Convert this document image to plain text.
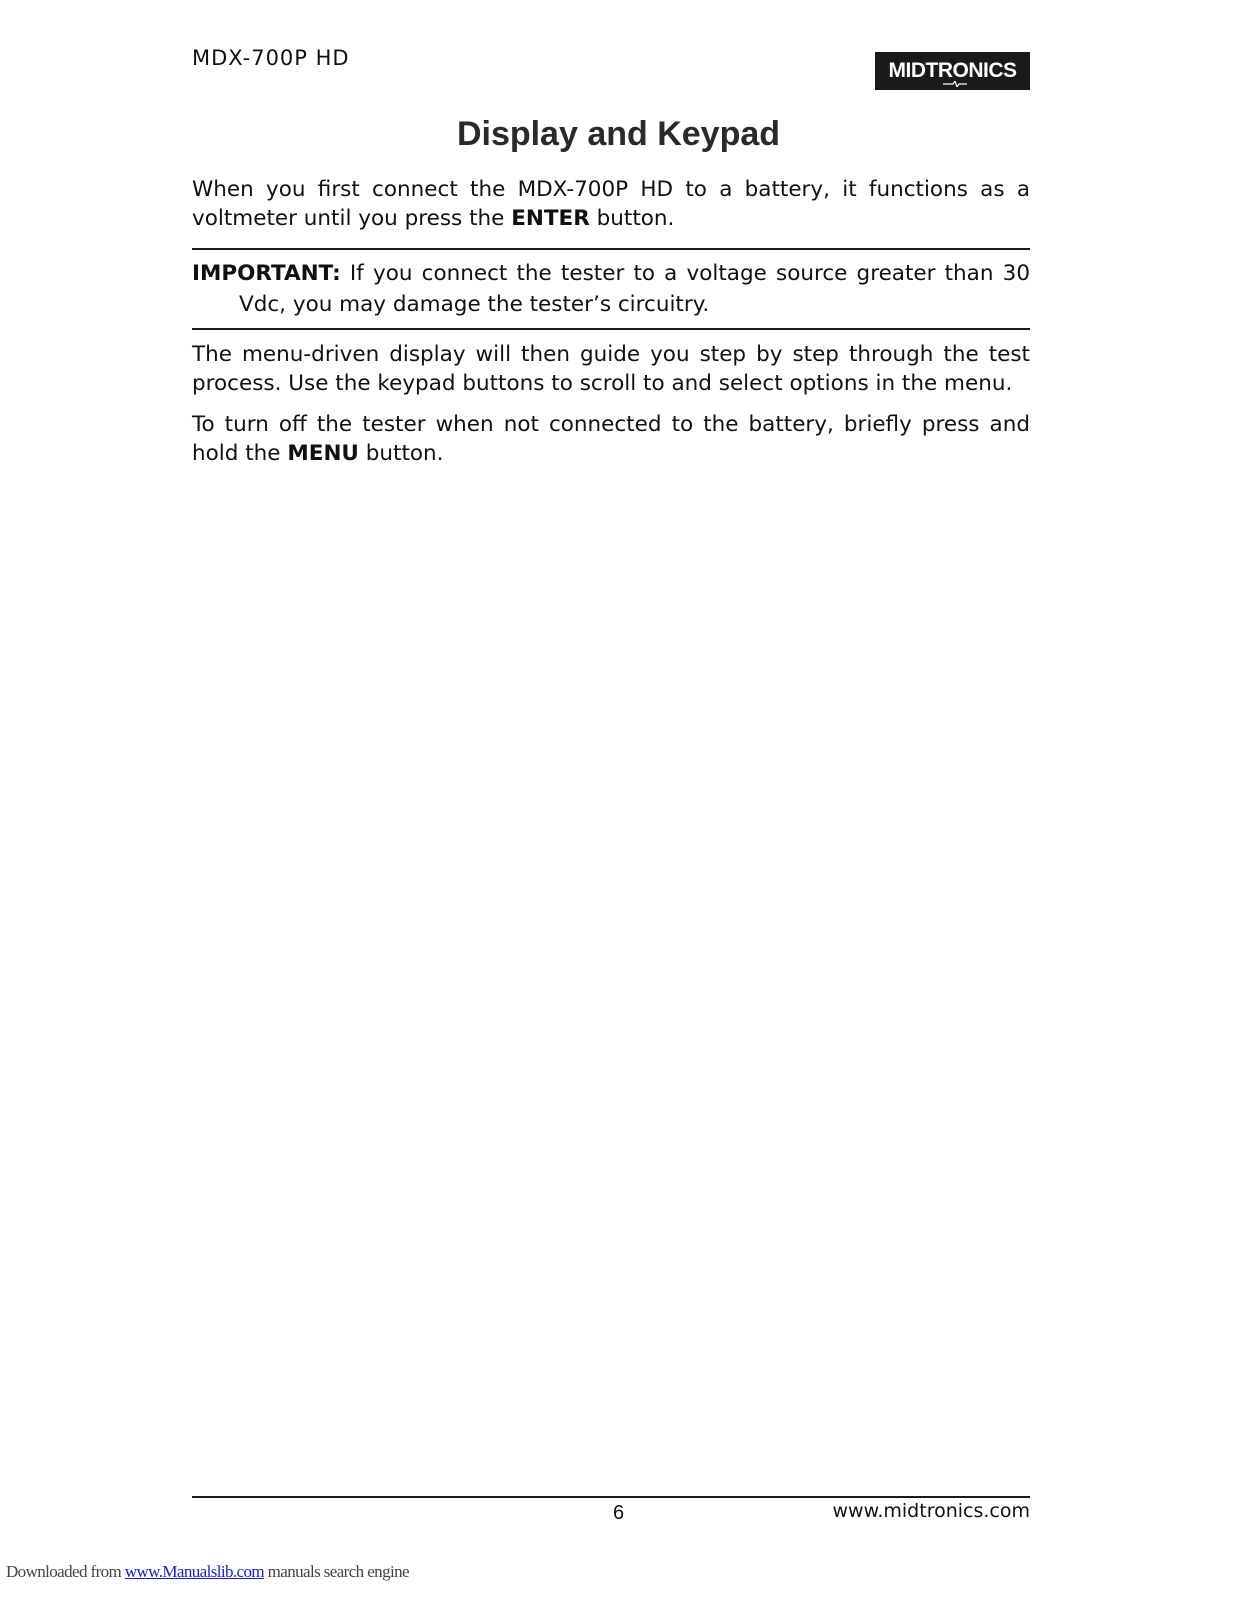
MDX-700P HD	MIDTRONICS
Display and Keypad

When you first connect the MDX-700P HD to a battery, it functions as a voltmeter until you press the ENTER button.

IMPORTANT: If you connect the tester to a voltage source greater than 30 Vdc, you may damage the tester’s circuitry.

The menu-driven display will then guide you step by step through the test process. Use the keypad buttons to scroll to and select options in the menu.

To turn off the tester when not connected to the battery, briefly press and hold the MENU button.

6	www.midtronics.com
Downloaded from www.Manualslib.com manuals search engine
